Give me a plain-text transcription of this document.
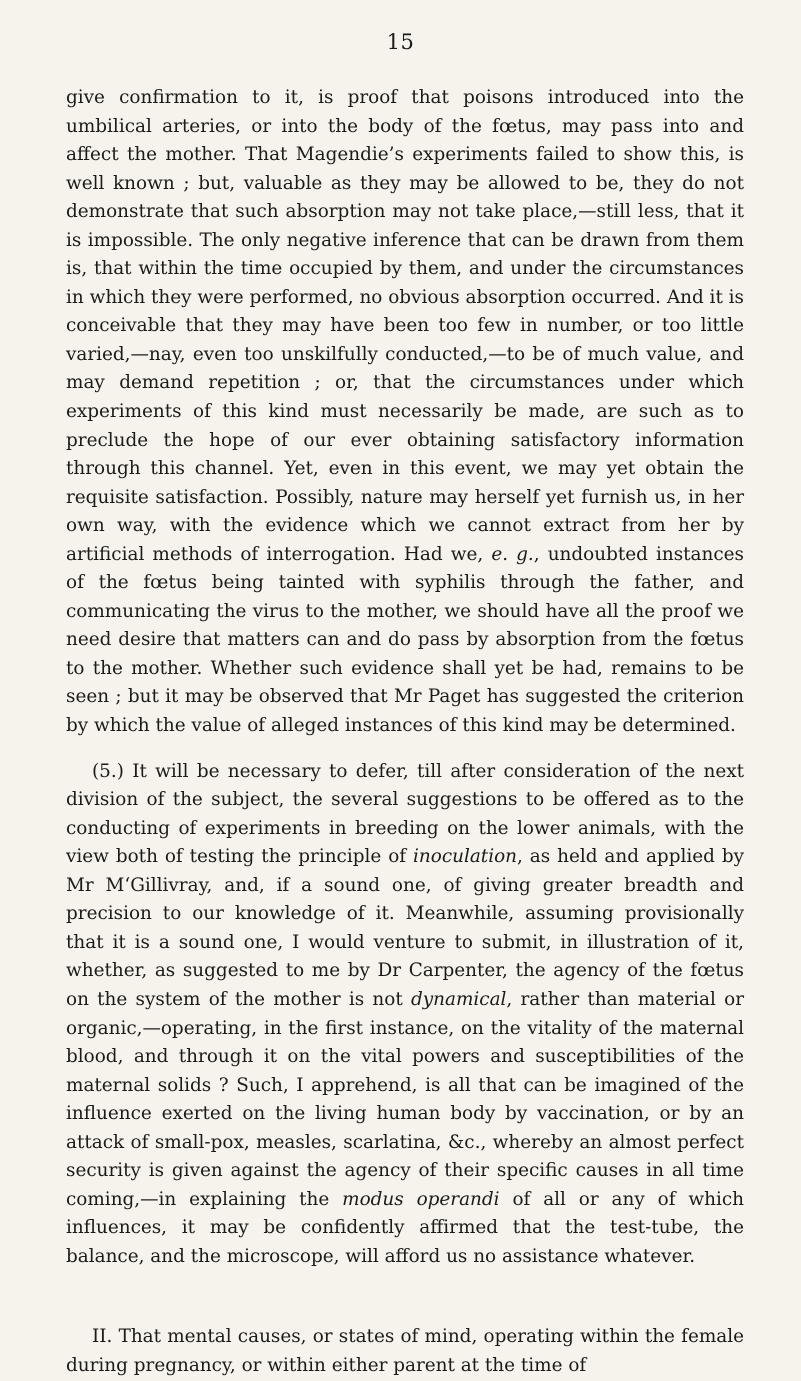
15

give confirmation to it, is proof that poisons introduced into the umbilical arteries, or into the body of the fœtus, may pass into and affect the mother. That Magendie’s experiments failed to show this, is well known ; but, valuable as they may be allowed to be, they do not demonstrate that such absorption may not take place,—still less, that it is impossible. The only negative inference that can be drawn from them is, that within the time occupied by them, and under the circumstances in which they were performed, no obvious absorption occurred. And it is conceivable that they may have been too few in number, or too little varied,—nay, even too unskilfully conducted,—to be of much value, and may demand repetition ; or, that the circumstances under which experiments of this kind must necessarily be made, are such as to preclude the hope of our ever obtaining satisfactory information through this channel. Yet, even in this event, we may yet obtain the requisite satisfaction. Possibly, nature may herself yet furnish us, in her own way, with the evidence which we cannot extract from her by artificial methods of interrogation. Had we, e. g., undoubted instances of the fœtus being tainted with syphilis through the father, and communicating the virus to the mother, we should have all the proof we need desire that matters can and do pass by absorption from the fœtus to the mother. Whether such evidence shall yet be had, remains to be seen ; but it may be observed that Mr Paget has suggested the criterion by which the value of alleged instances of this kind may be determined.

(5.) It will be necessary to defer, till after consideration of the next division of the subject, the several suggestions to be offered as to the conducting of experiments in breeding on the lower animals, with the view both of testing the principle of inoculation, as held and applied by Mr M‘Gillivray, and, if a sound one, of giving greater breadth and precision to our knowledge of it. Meanwhile, assuming provisionally that it is a sound one, I would venture to submit, in illustration of it, whether, as suggested to me by Dr Carpenter, the agency of the fœtus on the system of the mother is not dynamical, rather than material or organic,—operating, in the first instance, on the vitality of the maternal blood, and through it on the vital powers and susceptibilities of the maternal solids ? Such, I apprehend, is all that can be imagined of the influence exerted on the living human body by vaccination, or by an attack of small-pox, measles, scarlatina, &c., whereby an almost perfect security is given against the agency of their specific causes in all time coming,—in explaining the modus operandi of all or any of which influences, it may be confidently affirmed that the test-tube, the balance, and the microscope, will afford us no assistance whatever.

II. That mental causes, or states of mind, operating within the female during pregnancy, or within either parent at the time of
